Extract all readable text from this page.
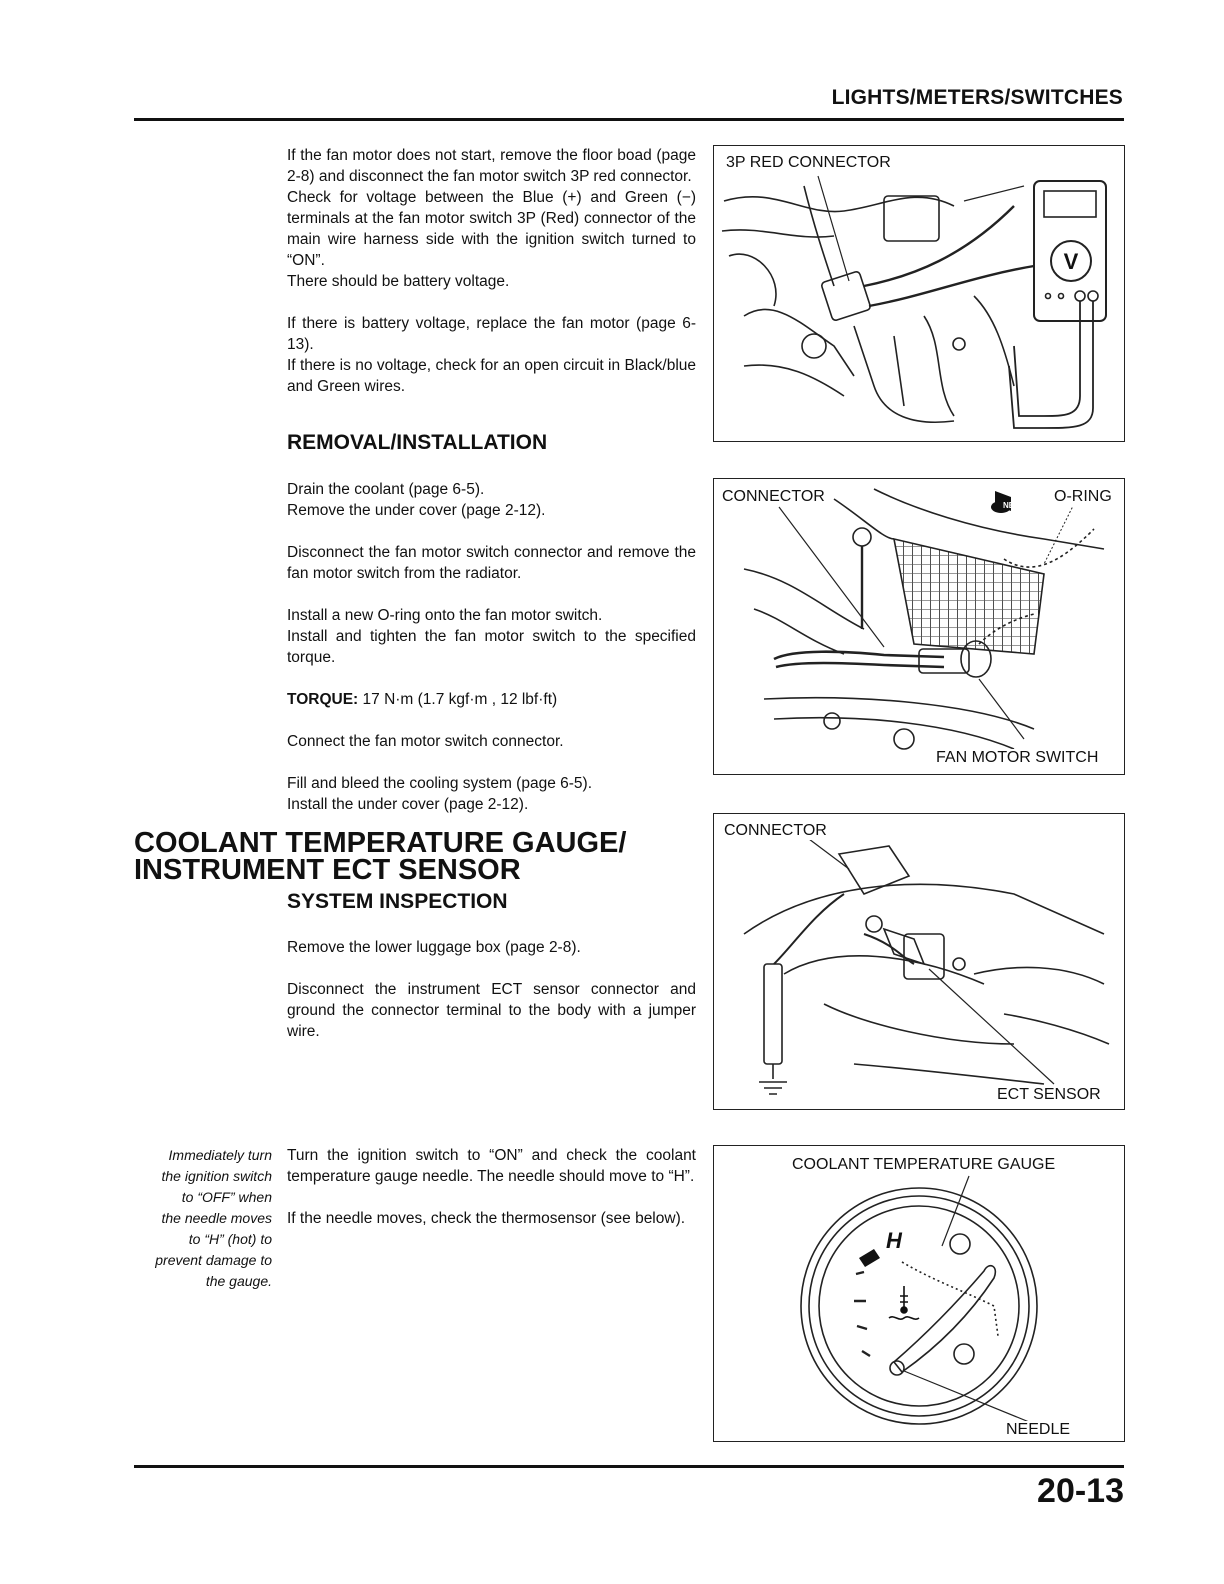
LIGHTS/METERS/SWITCHES

If the fan motor does not start, remove the floor boad (page 2-8) and disconnect the fan motor switch 3P red connector.

Check for voltage between the Blue (+) and Green (−) terminals at the fan motor switch 3P (Red) connector of the main wire harness side with the ignition switch turned to “ON”.

There should be battery voltage.

If there is battery voltage, replace the fan motor (page 6-13).

If there is no voltage, check for an open circuit in Black/blue and Green wires.

REMOVAL/INSTALLATION

Drain the coolant (page 6-5).

Remove the under cover (page 2-12).

Disconnect the fan motor switch connector and remove the fan motor switch from the radiator.

Install a new O-ring onto the fan motor switch.

Install and tighten the fan motor switch to the specified torque.

TORQUE: 17 N·m (1.7 kgf·m , 12 lbf·ft)

Connect the fan motor switch connector.

Fill and bleed the cooling system (page 6-5).

Install the under cover (page 2-12).

COOLANT TEMPERATURE GAUGE/
INSTRUMENT ECT SENSOR
SYSTEM INSPECTION

Remove the lower luggage box (page 2-8).

Disconnect the instrument ECT sensor connector and ground the connector terminal to the body with a jumper wire.

Turn the ignition switch to “ON” and check the coolant temperature gauge needle. The needle should move to “H”.

If the needle moves, check the thermosensor (see below).

Immediately turn
the ignition switch
to “OFF” when
the needle moves
to “H” (hot) to
prevent damage to
the gauge.
3P RED CONNECTOR
V
CONNECTOR
NEW
O-RING
FAN MOTOR SWITCH
CONNECTOR
ECT SENSOR
COOLANT TEMPERATURE GAUGE
H
NEEDLE
20-13
